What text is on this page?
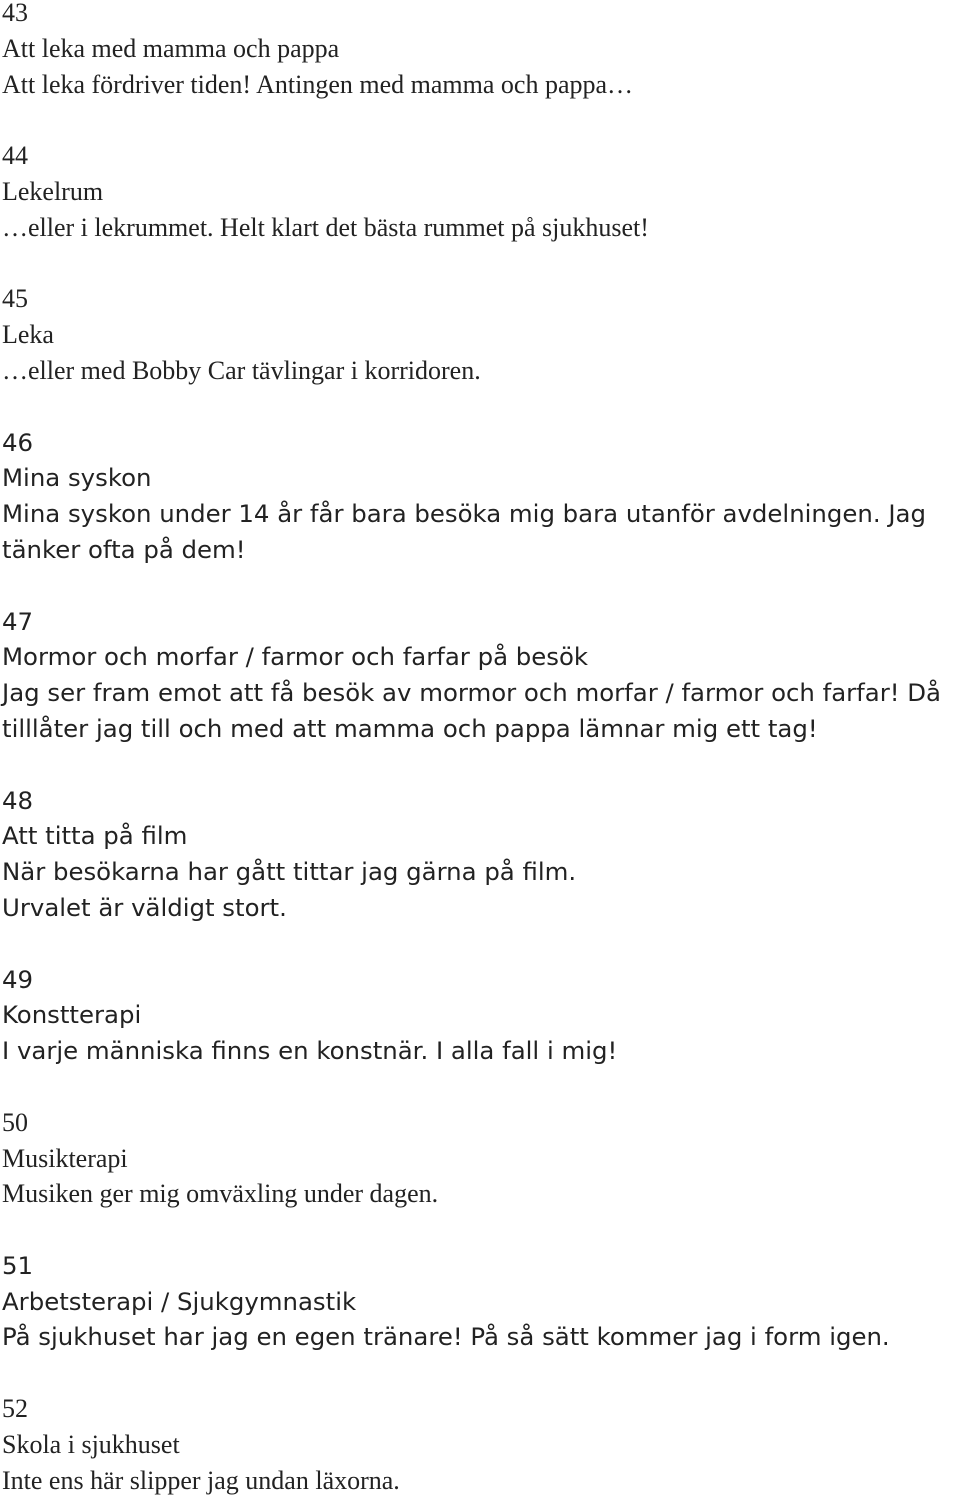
43
Att leka med mamma och pappa
Att leka fördriver tiden! Antingen med mamma och pappa…
44
Lekelrum
…eller i lekrummet. Helt klart det bästa rummet på sjukhuset!
45
Leka
…eller med Bobby Car tävlingar i korridoren.
46
Mina syskon
Mina syskon under 14 år får bara besöka mig bara utanför avdelningen. Jag tänker ofta på dem!
47
Mormor och morfar / farmor och farfar på besök
Jag ser fram emot att få besök av mormor och morfar / farmor och farfar! Då tilllåter jag till och med att mamma och pappa lämnar mig ett tag!
48
Att titta på film
När besökarna har gått tittar jag gärna på film. Urvalet är väldigt stort.
49
Konstterapi
I varje människa finns en konstnär. I alla fall i mig!
50
Musikterapi
Musiken ger mig omväxling under dagen.
51
Arbetsterapi / Sjukgymnastik
På sjukhuset har jag en egen tränare! På så sätt kommer jag i form igen.
52
Skola i sjukhuset
Inte ens här slipper jag undan läxorna.
